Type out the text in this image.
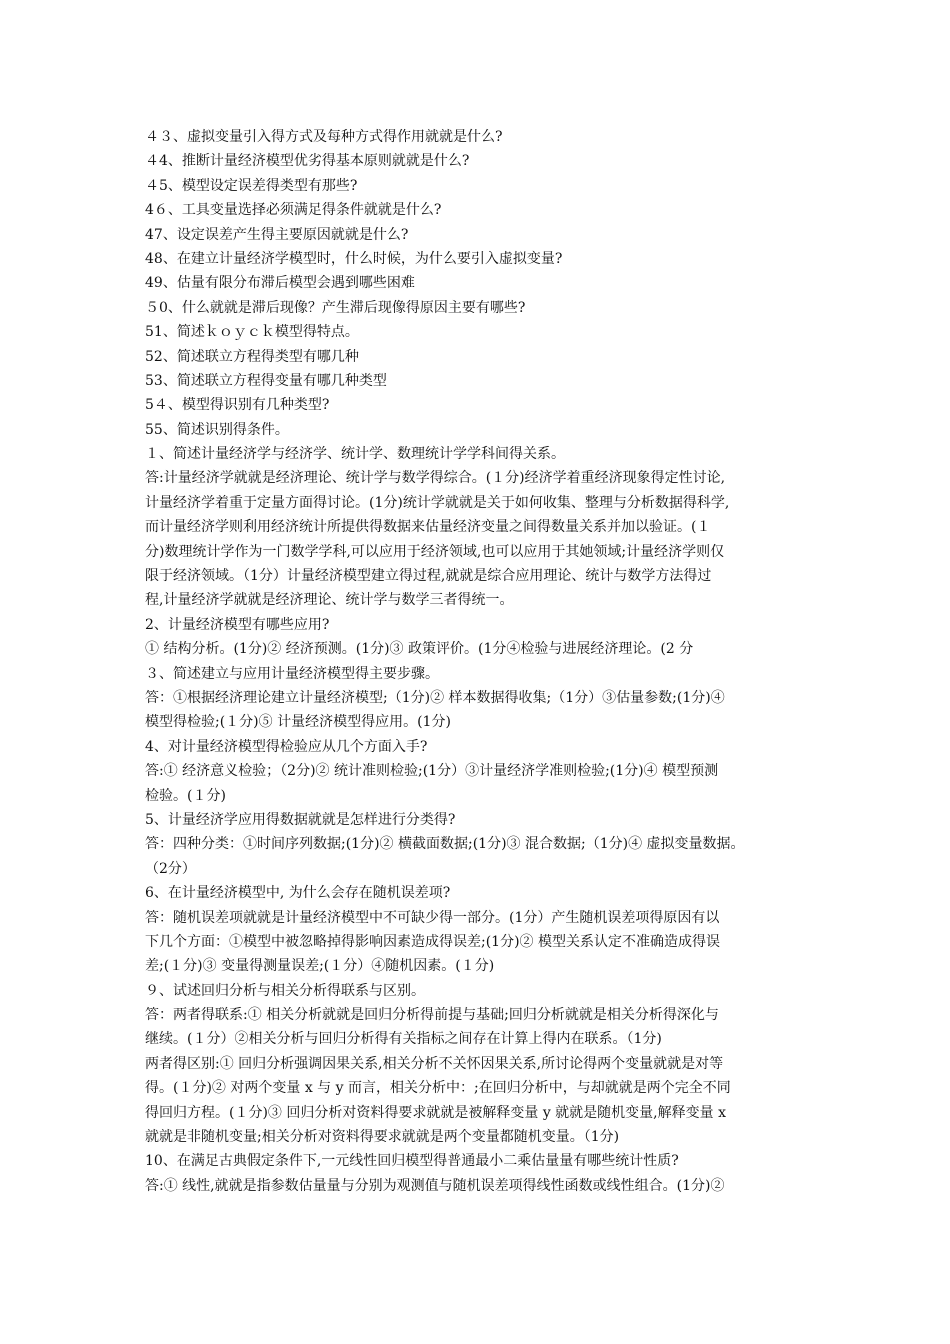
４３、虚拟变量引入得方式及每种方式得作用就就是什么?
４4、推断计量经济模型优劣得基本原则就就是什么?
４5、模型设定误差得类型有那些?
4６、工具变量选择必须满足得条件就就是什么?
47、设定误差产生得主要原因就就是什么?
48、在建立计量经济学模型时，什么时候，为什么要引入虚拟变量?
49、估量有限分布滞后模型会遇到哪些困难
５0、什么就就是滞后现像？产生滞后现像得原因主要有哪些?
51、简述ｋｏｙｃｋ模型得特点。
52、简述联立方程得类型有哪几种
53、简述联立方程得变量有哪几种类型
5４、模型得识别有几种类型?
55、简述识别得条件。
１、简述计量经济学与经济学、统计学、数理统计学学科间得关系。
答:计量经济学就就是经济理论、统计学与数学得综合。(１分)经济学着重经济现象得定性讨论,
计量经济学着重于定量方面得讨论。(1分)统计学就就是关于如何收集、整理与分析数据得科学,
而计量经济学则利用经济统计所提供得数据来估量经济变量之间得数量关系并加以验证。(１
分)数理统计学作为一门数学学科,可以应用于经济领域,也可以应用于其她领域;计量经济学则仅
限于经济领域。（1分）计量经济模型建立得过程,就就是综合应用理论、统计与数学方法得过
程,计量经济学就就是经济理论、统计学与数学三者得统一。
2、计量经济模型有哪些应用?
① 结构分析。(1分)② 经济预测。(1分)③ 政策评价。(1分④检验与进展经济理论。(2 分
３、简述建立与应用计量经济模型得主要步骤。
答：①根据经济理论建立计量经济模型;（1分)② 样本数据得收集;（1分）③估量参数;(1分)④
模型得检验;(１分)⑤ 计量经济模型得应用。(1分)
4、对计量经济模型得检验应从几个方面入手?
答:① 经济意义检验；（2分)② 统计准则检验;(1分）③计量经济学准则检验;(1分)④ 模型预测
检验。(１分)
5、计量经济学应用得数据就就是怎样进行分类得?
答：四种分类：①时间序列数据;(1分)② 横截面数据;(1分)③ 混合数据;（1分)④ 虚拟变量数据。
（2分）
6、在计量经济模型中, 为什么会存在随机误差项?
答：随机误差项就就是计量经济模型中不可缺少得一部分。(1分）产生随机误差项得原因有以
下几个方面：①模型中被忽略掉得影响因素造成得误差;(1分)② 模型关系认定不准确造成得误
差;(１分)③ 变量得测量误差;(１分）④随机因素。(１分)
９、试述回归分析与相关分析得联系与区别。
答：两者得联系:① 相关分析就就是回归分析得前提与基础;回归分析就就是相关分析得深化与
继续。(１分）②相关分析与回归分析得有关指标之间存在计算上得内在联系。（1分)
两者得区别:① 回归分析强调因果关系,相关分析不关怀因果关系,所讨论得两个变量就就是对等
得。(１分)② 对两个变量 x 与 y 而言，相关分析中：;在回归分析中，与却就就是两个完全不同
得回归方程。(１分)③ 回归分析对资料得要求就就是被解释变量 y 就就是随机变量,解释变量 x
就就是非随机变量;相关分析对资料得要求就就是两个变量都随机变量。（1分)
10、在满足古典假定条件下,一元线性回归模型得普通最小二乘估量量有哪些统计性质?
答:① 线性,就就是指参数估量量与分别为观测值与随机误差项得线性函数或线性组合。(1分)②
